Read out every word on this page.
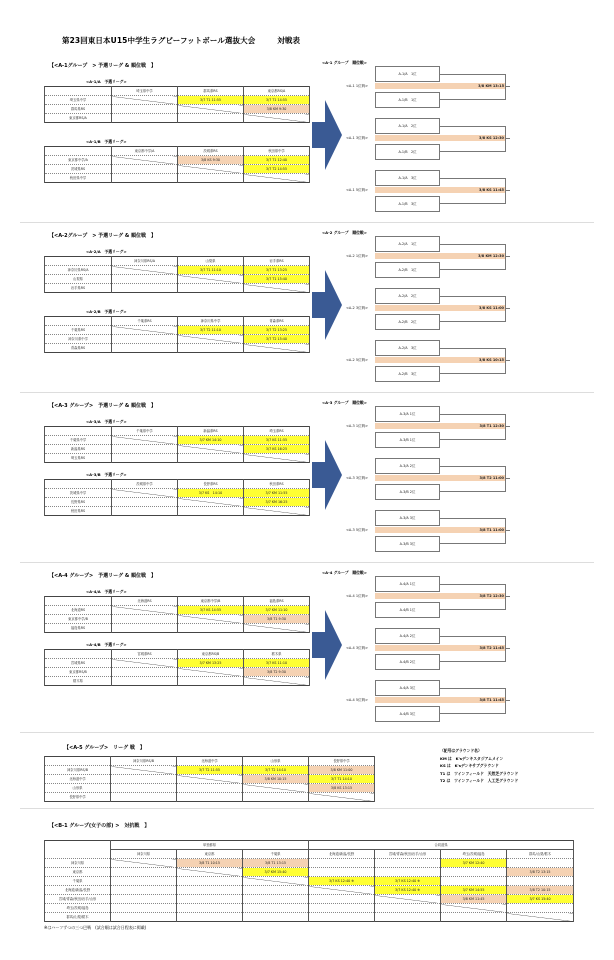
第23回東日本U15中学生ラグビーフットボール選抜大会	対戦表
【<A-1グループ　> 予選リーグ & 順位戦　】
<A-1/A　予選リーグ>
	埼玉県中学	群馬県RS	東京都RS/A
埼玉県中学		3/7 T1 11:55	3/7 T1 14:55
群馬県RS			3/8 KM 9:30
東京都RS/A			
<A-1/B　予選リーグ>
	東京都中学/A	茨城県RS	秋田県中学
東京都中学/A		3/8 KS 9:30	3/7 T1 12:40
茨城県RS			3/7 T2 14:55
秋田県中学			
<A-1 グループ　順位戦>
3/8 KM 13:15
A-1/A　1位
A-1/B　1位
<A-1 1位戦>
3/8 KS 12:30
A-1/A　2位
A-1/B　2位
<A-1 3位戦>
3/8 KS 11:45
A-1/A　3位
A-1/B　3位
<A-1 5位戦>
【<A-2グループ　> 予選リーグ & 順位戦　】
<A-2/A　予選リーグ>
	神奈川県RS/A	山梨県	岩手県RS
神奈川県RS/A		3/7 T1 11:10	3/7 T1 13:25
山梨県			3/7 T1 15:40
岩手県RS			
<A-2/B　予選リーグ>
	千葉県RS	神奈川県中学	青森県RS
千葉県RS		3/7 T2 11:10	3/7 T2 13:25
神奈川県中学			3/7 T2 15:40
青森県RS			
<A-2 グループ　順位戦>
3/8 KM 12:30
A-2/A　1位
A-2/B　1位
<A-2 1位戦>
3/8 KS 11:00
A-2/A　2位
A-2/B　2位
<A-2 3位戦>
3/8 KS 10:15
A-2/A　3位
A-2/B　3位
<A-2 5位戦>
【<A-3 グループ>　予選リーグ & 順位戦　】
<A-3/A　予選リーグ>
	千葉県中学	新潟県RS	埼玉県RS
千葉県中学		3/7 KM 14:10	3/7 KS 11:55
新潟県RS			3/7 KS 16:25
埼玉県RS			
<A-3/B　予選リーグ>
	茨城県中学	長野県RS	秋田県RS
茨城県中学		3/7 KS　14:10	3/7 KM 11:55
長野県RS			3/7 KM 16:25
秋田県RS			
<A-3 グループ　順位戦>
3/8 T1 12:30
A-3/A 1位
A-3/B 1位
<A-3 1位戦>
3/8 T2 11:00
A-3/A 2位
A-3/B 2位
<A-3 3位戦>
3/8 T1 11:00
A-3/A 3位
A-3/B 3位
<A-3 5位戦>
【<A-4 グループ>　予選リーグ & 順位戦　】
<A-4/A　予選リーグ>
	北海道RS	東京都中学/B	福島県RS
北海道RS		3/7 KS 14:55	3/7 KM 11:10
東京都中学/B			3/8 T1 9:30
福島県RS			
<A-4/B　予選リーグ>
	宮城県RS	東京都RS/B	栃木県
宮城県RS		3/7 KM 13:25	3/7 KS 11:10
東京都RS/B			3/8 T2 9:30
栃木県			
<A-4 グループ　順位戦>
3/8 T2 12:30
A-4/A 1位
A-4/B 1位
<A-4 1位戦>
3/8 T2 11:45
A-4/A 2位
A-4/B 2位
<A-4 3位戦>
3/8 T1 11:45
A-4/A 3位
A-4/B 3位
<A-4 5位戦>
【<A-5 グループ>　リーグ 戦　】
	神奈川県RS/B	北海道中学	山形県	長野県中学
神奈川県RS/B		3/7 T2 11:55	3/7 T2 14:10	3/8 KM 11:00
北海道中学			3/8 KM 10:15	3/7 T1 14:10
山形県				3/8 KS 13:15
長野県中学				
（記号はグラウンド名）
KM は　K'sデンキスタジアムメイン
KS は　K'sデンキサブグラウンド
T1 は　ツインフィールド　天然芝グラウンド
T2 は　ツインフィールド　人工芝グラウンド
【<B-1 グループ(女子の部) >　対抗戦　】
	単独都県			合同道県			
	神奈川県	東京都	千葉県	北海道/新潟/長野	宮城/青森/秋田/岩手/山形	埼玉/茨城/福島	群馬/山梨/栃木
神奈川県		3/8 T1 10:15	3/8 T1 13:15			3/7 KM 12:40	
東京都			3/7 KM 15:40				3/8 T2 13:15
千葉県				3/7 KS 12:40 ※	3/7 KS 12:40 ※		
北海道/新潟/長野					3/7 KS 12:40 ※	3/7 KM 14:55	3/8 T2 10:15
宮城/青森/秋田/岩手/山形						3/8 KM 11:45	3/7 KS 15:40
埼玉/茨城/福島							
群馬/山梨/栃木							
※はハーフずつの三つ巴戦　(試合順は試合日程表に掲載)
